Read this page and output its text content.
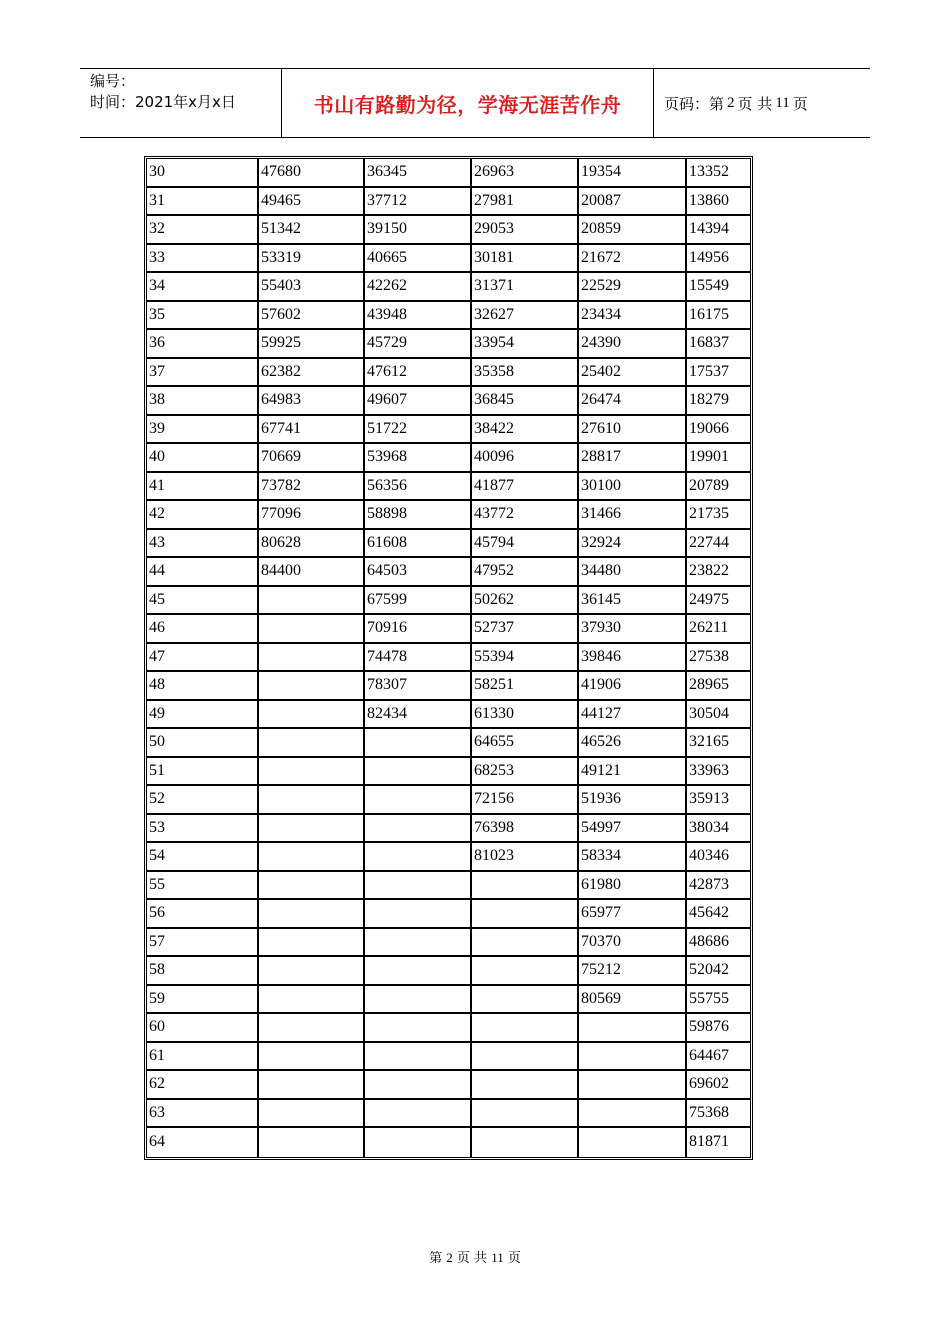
编号：
时间：2021年x月x日	书山有路勤为径，学海无涯苦作舟	页码：第 2 页 共 11 页
30	47680	36345	26963	19354	13352
31	49465	37712	27981	20087	13860
32	51342	39150	29053	20859	14394
33	53319	40665	30181	21672	14956
34	55403	42262	31371	22529	15549
35	57602	43948	32627	23434	16175
36	59925	45729	33954	24390	16837
37	62382	47612	35358	25402	17537
38	64983	49607	36845	26474	18279
39	67741	51722	38422	27610	19066
40	70669	53968	40096	28817	19901
41	73782	56356	41877	30100	20789
42	77096	58898	43772	31466	21735
43	80628	61608	45794	32924	22744
44	84400	64503	47952	34480	23822
45		67599	50262	36145	24975
46		70916	52737	37930	26211
47		74478	55394	39846	27538
48		78307	58251	41906	28965
49		82434	61330	44127	30504
50			64655	46526	32165
51			68253	49121	33963
52			72156	51936	35913
53			76398	54997	38034
54			81023	58334	40346
55				61980	42873
56				65977	45642
57				70370	48686
58				75212	52042
59				80569	55755
60					59876
61					64467
62					69602
63					75368
64					81871
第 2 页 共 11 页
